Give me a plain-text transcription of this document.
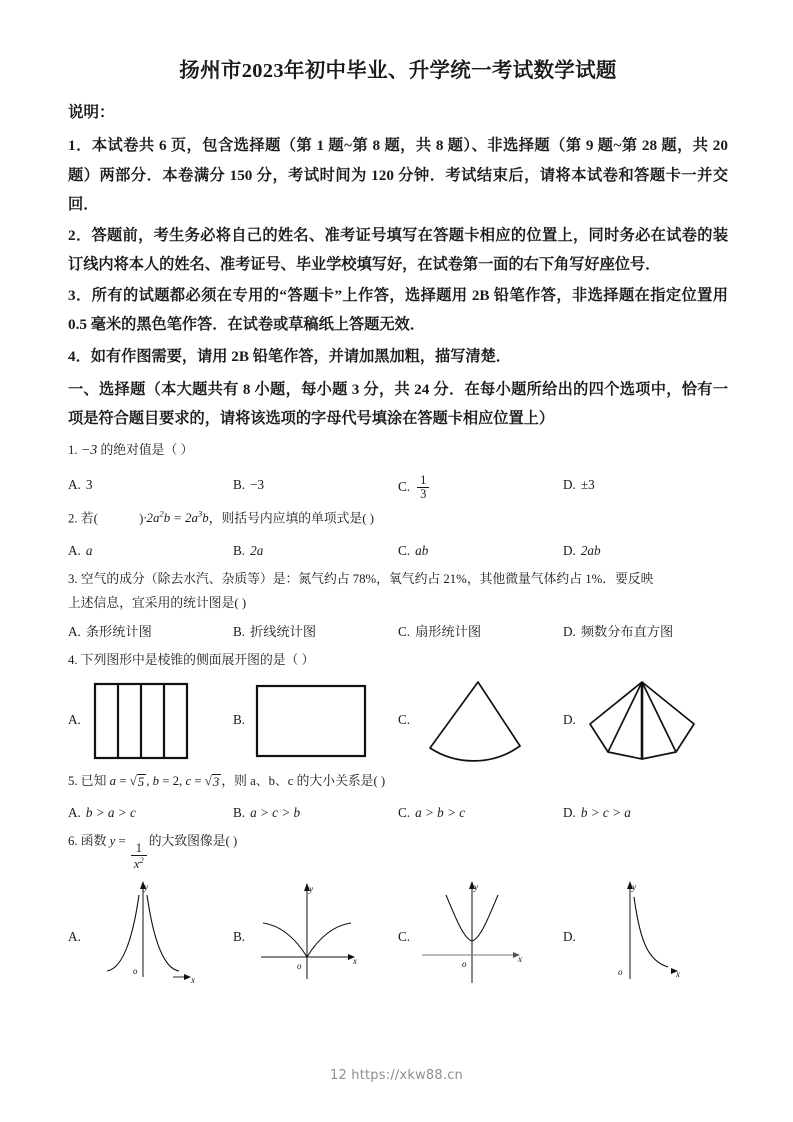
扬州市2023年初中毕业、升学统一考试数学试题
说明：
1．本试卷共 6 页，包含选择题（第 1 题~第 8 题，共 8 题）、非选择题（第 9 题~第 28 题，共 20 题）两部分．本卷满分 150 分，考试时间为 120 分钟．考试结束后，请将本试卷和答题卡一并交回．
2．答题前，考生务必将自己的姓名、准考证号填写在答题卡相应的位置上，同时务必在试卷的装订线内将本人的姓名、准考证号、毕业学校填写好，在试卷第一面的右下角写好座位号．
3．所有的试题都必须在专用的“答题卡”上作答，选择题用 2B 铅笔作答，非选择题在指定位置用 0.5 毫米的黑色笔作答．在试卷或草稿纸上答题无效．
4．如有作图需要，请用 2B 铅笔作答，并请加黑加粗，描写清楚．
一、选择题（本大题共有 8 小题，每小题 3 分，共 24 分．在每小题所给出的四个选项中，恰有一项是符合题目要求的，请将该选项的字母代号填涂在答题卡相应位置上）
1. −3 的绝对值是（ ）
A. 3	B. −3	C. $\frac{1}{3}$	D. ±3
2. 若(	)$\cdot 2a^2b = 2a^3b$，则括号内应填的单项式是( )
A. a	B. 2a	C. ab	D. 2ab
3. 空气的成分（除去水汽、杂质等）是：氮气约占 78%，氧气约占 21%，其他微量气体约占 1%．要反映
上述信息，宜采用的统计图是( )
A. 条形统计图	B. 折线统计图	C. 扇形统计图	D. 频数分布直方图
4. 下列图形中是棱锥的侧面展开图的是（ ）
A.	B.	C.	D.
5. 已知 a = √ 5 , b = 2, c = √ 3 ，则 a、b、c 的大小关系是( )
A. b > a > c	B. a > c > b	C. a > b > c	D. b > c > a
6. 函数 y =
$\frac{1}{x^2}$
的大致图像是( )
A.
o
y
x
B.
o
y
x
C.
o
y
x
D.
o
y
x
12 https://xkw88.cn
